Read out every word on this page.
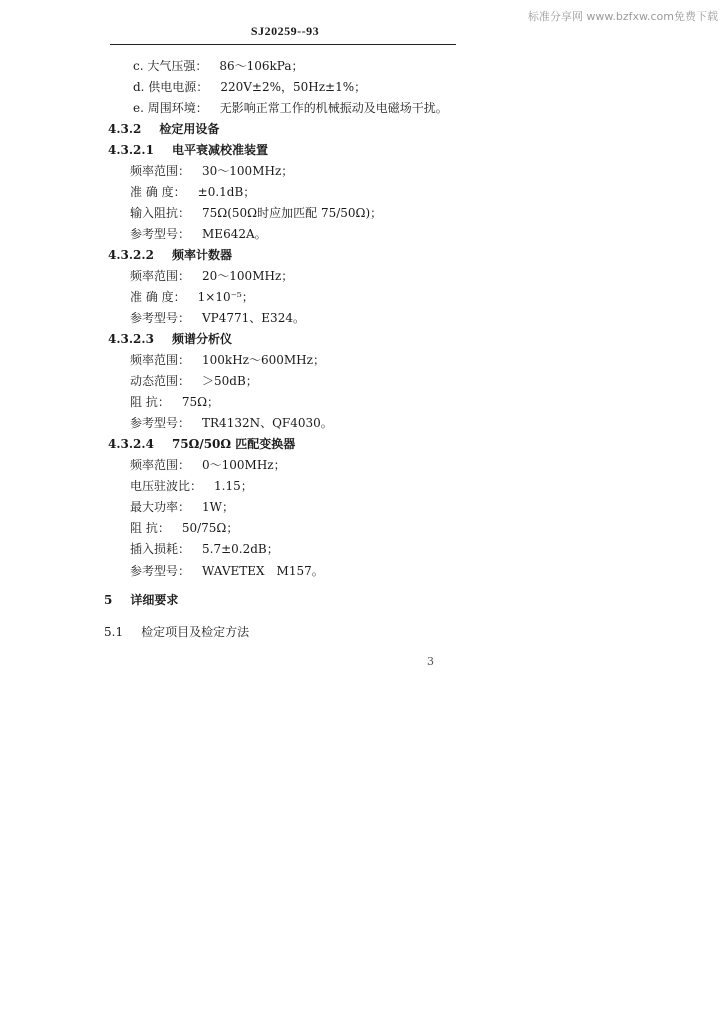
标准分享网 www.bzfxw.com免费下载
SJ20259--93
c. 大气压强： 86～106kPa；
d. 供电电源： 220V±2%，50Hz±1%；
e. 周围环境： 无影响正常工作的机械振动及电磁场干扰。
4.3.2 检定用设备
4.3.2.1 电平衰减校准装置
频率范围： 30～100MHz；
准 确 度： ±0.1dB；
输入阻抗： 75Ω(50Ω时应加匹配 75/50Ω)；
参考型号： ME642A。
4.3.2.2 频率计数器
频率范围： 20～100MHz；
准 确 度： 1×10⁻⁵；
参考型号： VP4771、E324。
4.3.2.3 频谱分析仪
频率范围： 100kHz～600MHz；
动态范围： ＞50dB；
阻 抗： 75Ω；
参考型号： TR4132N、QF4030。
4.3.2.4 75Ω/50Ω 匹配变换器
频率范围： 0～100MHz；
电压驻波比： 1.15；
最大功率： 1W；
阻 抗： 50/75Ω；
插入损耗： 5.7±0.2dB；
参考型号： WAVETEX　M157。
5 详细要求
5.1 检定项目及检定方法
3
